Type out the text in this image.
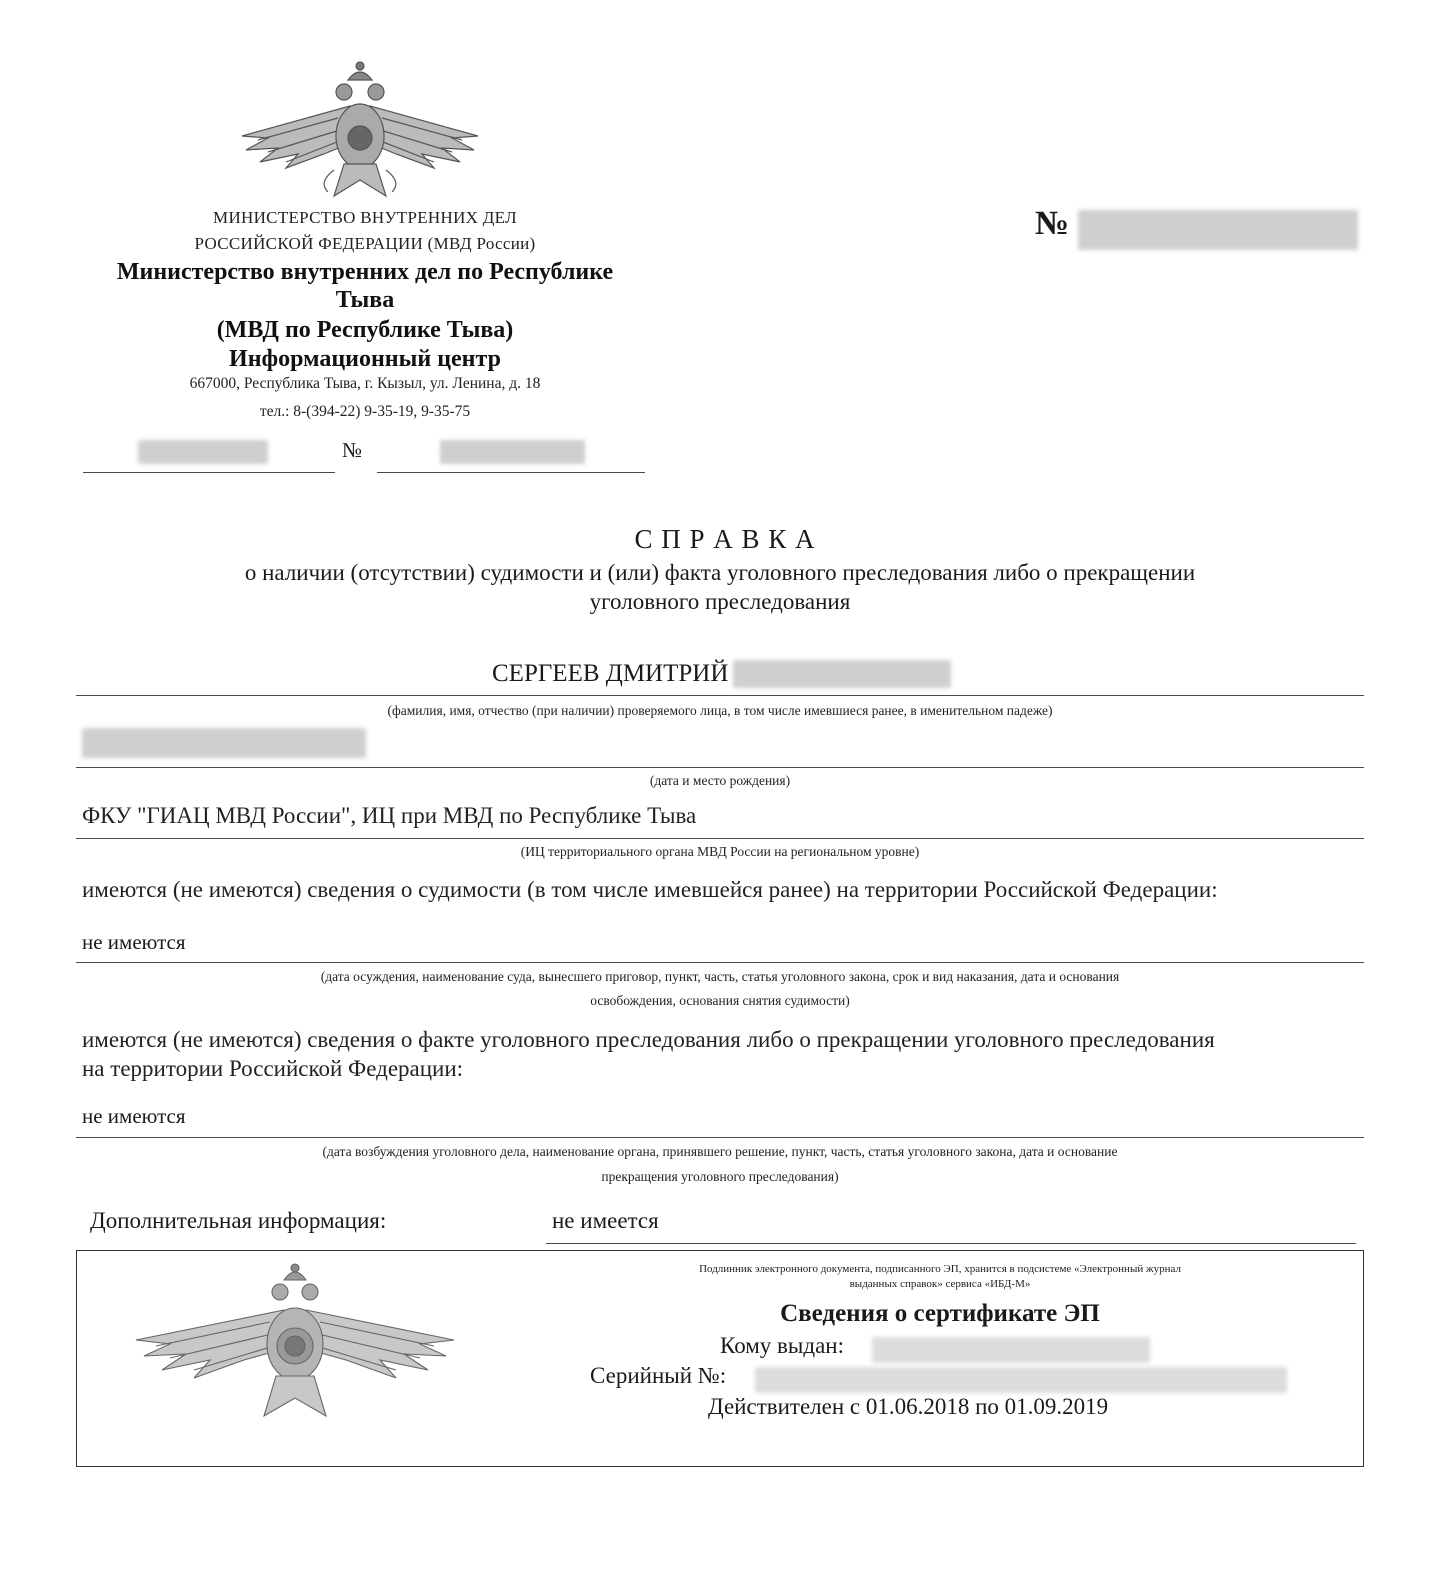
МИНИСТЕРСТВО ВНУТРЕННИХ ДЕЛ
РОССИЙСКОЙ ФЕДЕРАЦИИ (МВД России)
Министерство внутренних дел по Республике
Тыва
(МВД по Республике Тыва)
Информационный центр
667000, Республика Тыва, г. Кызыл, ул. Ленина, д. 18
тел.: 8-(394-22) 9-35-19, 9-35-75
№
№
С П Р А В К А
о наличии (отсутствии) судимости и (или) факта уголовного преследования либо о прекращении
уголовного преследования
СЕРГЕЕВ ДМИТРИЙ
(фамилия, имя, отчество (при наличии) проверяемого лица, в том числе имевшиеся ранее, в именительном падеже)
(дата и место рождения)
ФКУ "ГИАЦ МВД России", ИЦ при МВД по Республике Тыва
(ИЦ территориального органа МВД России на региональном уровне)
имеются (не имеются) сведения о судимости (в том числе имевшейся ранее) на территории Российской Федерации:
не имеются
(дата осуждения, наименование суда, вынесшего приговор, пункт, часть, статья уголовного закона, срок и вид наказания, дата и основания
освобождения, основания снятия судимости)
имеются (не имеются) сведения о факте уголовного преследования либо о прекращении уголовного преследования
на территории Российской Федерации:
не имеются
(дата возбуждения уголовного дела, наименование органа, принявшего решение, пункт, часть, статья уголовного закона, дата и основание
прекращения уголовного преследования)
Дополнительная информация:	не имеется
Подлинник электронного документа, подписанного ЭП, хранится в подсистеме «Электронный журнал
выданных справок» сервиса «ИБД-М»
Сведения о сертификате ЭП
Кому выдан:
Серийный №:
Действителен с 01.06.2018 по 01.09.2019
